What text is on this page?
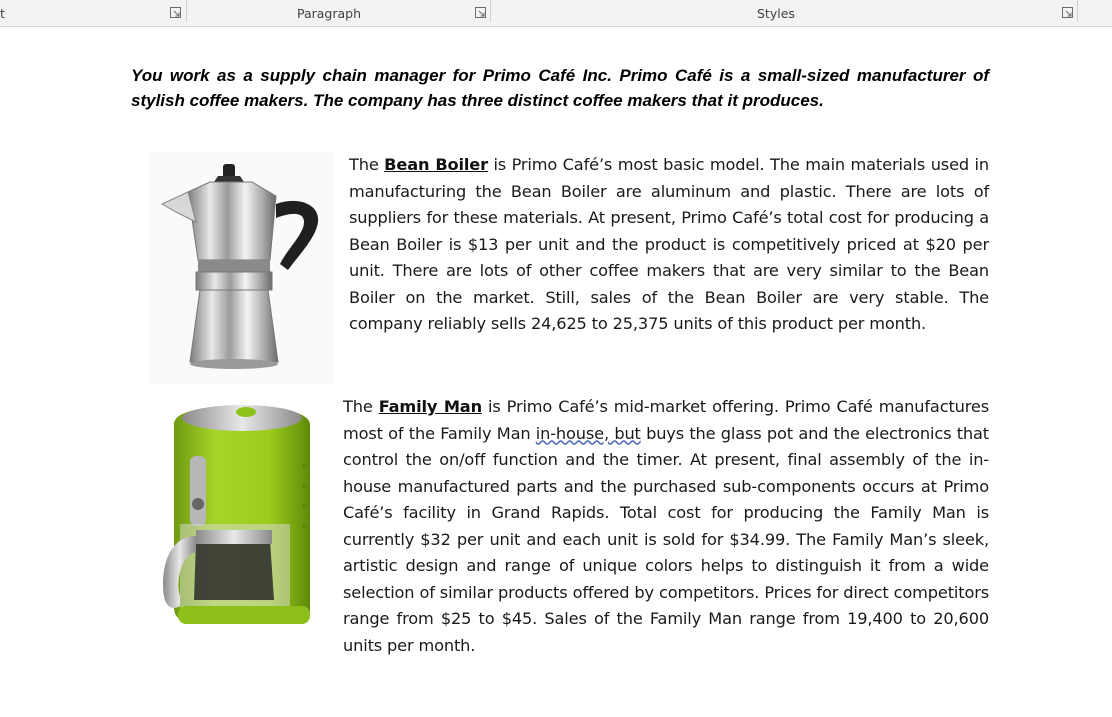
t	Paragraph	Styles

You work as a supply chain manager for Primo Café Inc. Primo Café is a small-sized manufacturer of stylish coffee makers. The company has three distinct coffee makers that it produces.

The Bean Boiler is Primo Café’s most basic model. The main materials used in manufacturing the Bean Boiler are aluminum and plastic. There are lots of suppliers for these materials. At present, Primo Café’s total cost for producing a Bean Boiler is $13 per unit and the product is competitively priced at $20 per unit. There are lots of other coffee makers that are very similar to the Bean Boiler on the market. Still, sales of the Bean Boiler are very stable. The company reliably sells 24,625 to 25,375 units of this product per month.

The Family Man is Primo Café’s mid-market offering. Primo Café manufactures most of the Family Man in-house, but buys the glass pot and the electronics that control the on/off function and the timer. At present, final assembly of the in-house manufactured parts and the purchased sub-components occurs at Primo Café’s facility in Grand Rapids. Total cost for producing the Family Man is currently $32 per unit and each unit is sold for $34.99. The Family Man’s sleek, artistic design and range of unique colors helps to distinguish it from a wide selection of similar products offered by competitors. Prices for direct competitors range from $25 to $45. Sales of the Family Man range from 19,400 to 20,600 units per month.
